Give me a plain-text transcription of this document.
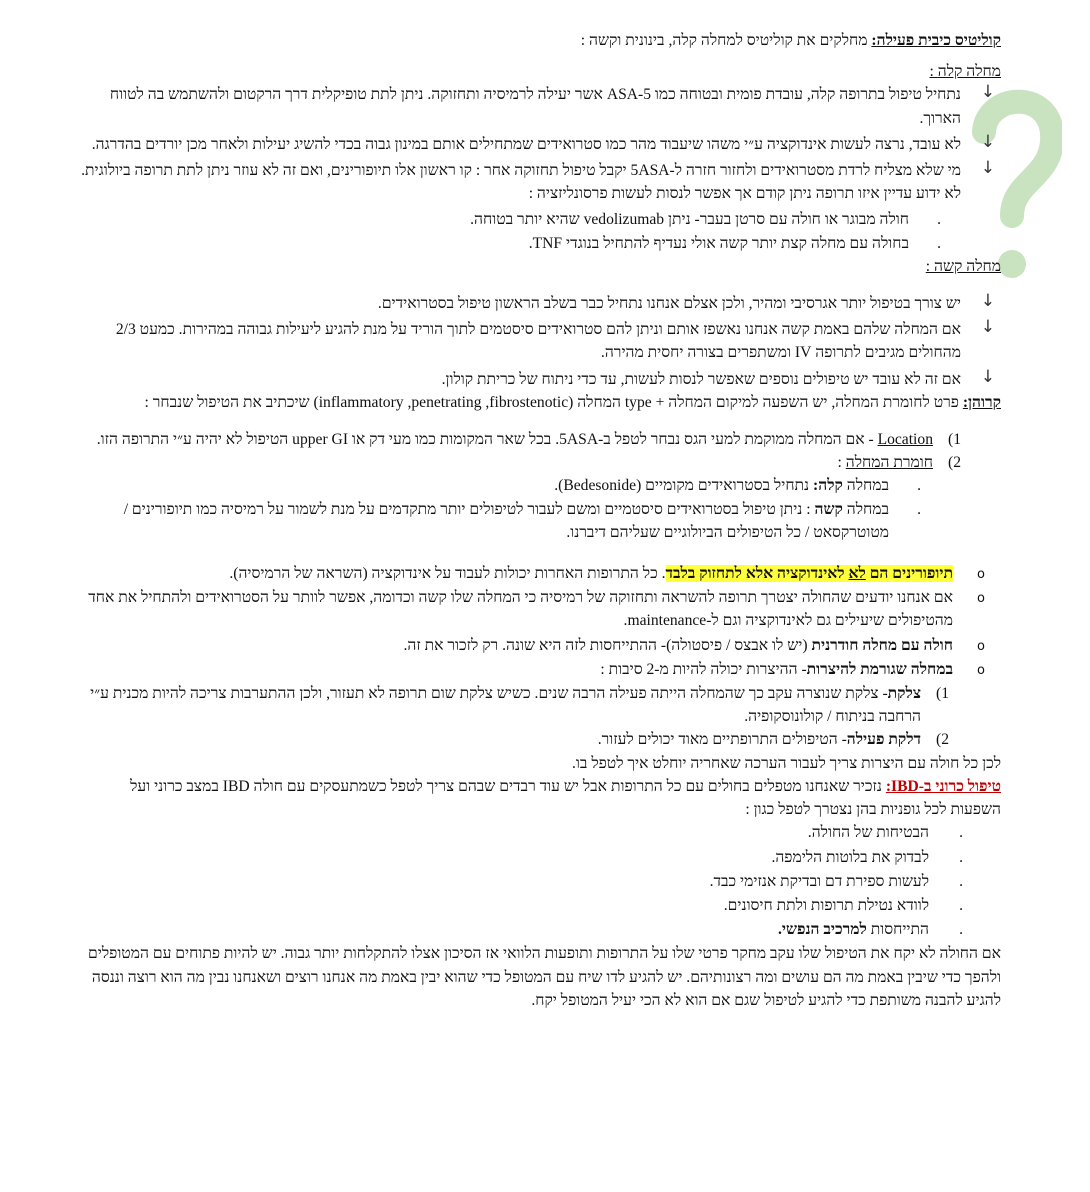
קוליטיס כיבית פעילה: מחלקים את קוליטיס למחלה קלה, בינונית וקשה :

מחלה קלה :

↓

נתחיל טיפול בתרופה קלה, עובדת פומית ובטוחה כמו 5-ASA אשר יעילה לרמיסיה ותחזוקה. ניתן לתת טופיקלית דרך הרקטום ולהשתמש בה לטווח הארוך.

↓

לא עובד, נרצה לעשות אינדוקציה ע״י משהו שיעבוד מהר כמו סטרואידים שמתחילים אותם במינון גבוה בכדי להשיג יעילות ולאחר מכן יורדים בהדרגה.

↓

מי שלא מצליח לרדת מסטרואידים ולחזור חזרה ל-5ASA יקבל טיפול תחזוקה אחר : קו ראשון אלו תיופורינים, ואם זה לא עוזר ניתן לתת תרופה ביולוגית. לא ידוע עדיין איזו תרופה ניתן קודם אך אפשר לנסות לעשות פרסונליזציה :

.

חולה מבוגר או חולה עם סרטן בעבר- ניתן vedolizumab שהיא יותר בטוחה.

.

בחולה עם מחלה קצת יותר קשה אולי נעדיף להתחיל בנוגדי TNF.

מחלה קשה :

↓

יש צורך בטיפול יותר אגרסיבי ומהיר, ולכן אצלם אנחנו נתחיל כבר בשלב הראשון טיפול בסטרואידים.

↓

אם המחלה שלהם באמת קשה אנחנו נאשפז אותם וניתן להם סטרואידים סיסטמים לתוך הוריד על מנת להגיע ליעילות גבוהה במהירות. כמעט 2/3 מהחולים מגיבים לתרופה IV ומשתפרים בצורה יחסית מהירה.

↓

אם זה לא עובד יש טיפולים נוספים שאפשר לנסות לעשות, עד כדי ניתוח של כריתת קולון.

קרוהן: פרט לחומרת המחלה, יש השפעה למיקום המחלה + type המחלה (inflammatory ,penetrating ,fibrostenotic) שיכתיב את הטיפול שנבחר :

1)

Location - אם המחלה ממוקמת למעי הגס נבחר לטפל ב-5ASA. בכל שאר המקומות כמו מעי דק או upper GI הטיפול לא יהיה ע״י התרופה הזו.

2)

חומרת המחלה :

.

במחלה קלה: נתחיל בסטרואידים מקומיים (Bedesonide).

.

במחלה קשה : ניתן טיפול בסטרואידים סיסטמיים ומשם לעבור לטיפולים יותר מתקדמים על מנת לשמור על רמיסיה כמו תיופורינים / מטוטרקסאט / כל הטיפולים הביולוגיים שעליהם דיברנו.

o

תיופורינים הם לא לאינדוקציה אלא לתחזוק בלבד. כל התרופות האחרות יכולות לעבוד על אינדוקציה (השראה של הרמיסיה).

o

אם אנחנו יודעים שהחולה יצטרך תרופה להשראה ותחזוקה של רמיסיה כי המחלה שלו קשה וכדומה, אפשר לוותר על הסטרואידים ולהתחיל את אחד מהטיפולים שיעילים גם לאינדוקציה וגם ל-maintenance.

o

חולה עם מחלה חודרנית (יש לו אבצס / פיסטולה)- ההתייחסות לזה היא שונה. רק לזכור את זה.

o

במחלה שגורמת להיצרות- ההיצרות יכולה להיות מ-2 סיבות :

1)

צלקת- צלקת שנוצרה עקב כך שהמחלה הייתה פעילה הרבה שנים. כשיש צלקת שום תרופה לא תעזור, ולכן ההתערבות צריכה להיות מכנית ע״י הרחבה בניתוח / קולונוסקופיה.

2)

דלקת פעילה- הטיפולים התרופתיים מאוד יכולים לעזור.

לכן כל חולה עם היצרות צריך לעבור הערכה שאחריה יוחלט איך לטפל בו.

טיפול כרוני ב-IBD: נזכיר שאנחנו מטפלים בחולים עם כל התרופות אבל יש עוד רבדים שבהם צריך לטפל כשמתעסקים עם חולה IBD במצב כרוני ועל השפעות לכל גופניות בהן נצטרך לטפל כגון :

.

הבטיחות של החולה.

.

לבדוק את בלוטות הלימפה.

.

לעשות ספירת דם ובדיקת אנזימי כבד.

.

לוודא נטילת תרופות ולתת חיסונים.

.

התייחסות למרכיב הנפשי.

אם החולה לא יקח את הטיפול שלו עקב מחקר פרטי שלו על התרופות ותופעות הלוואי אז הסיכון אצלו להתקלחות יותר גבוה. יש להיות פתוחים עם המטופלים ולהפך כדי שיבין באמת מה הם עושים ומה רצונותיהם. יש להגיע לדו שיח עם המטופל כדי שהוא יבין באמת מה אנחנו רוצים ושאנחנו נבין מה הוא רוצה וננסה להגיע להבנה משותפת כדי להגיע לטיפול שגם אם הוא לא הכי יעיל המטופל יקח.
